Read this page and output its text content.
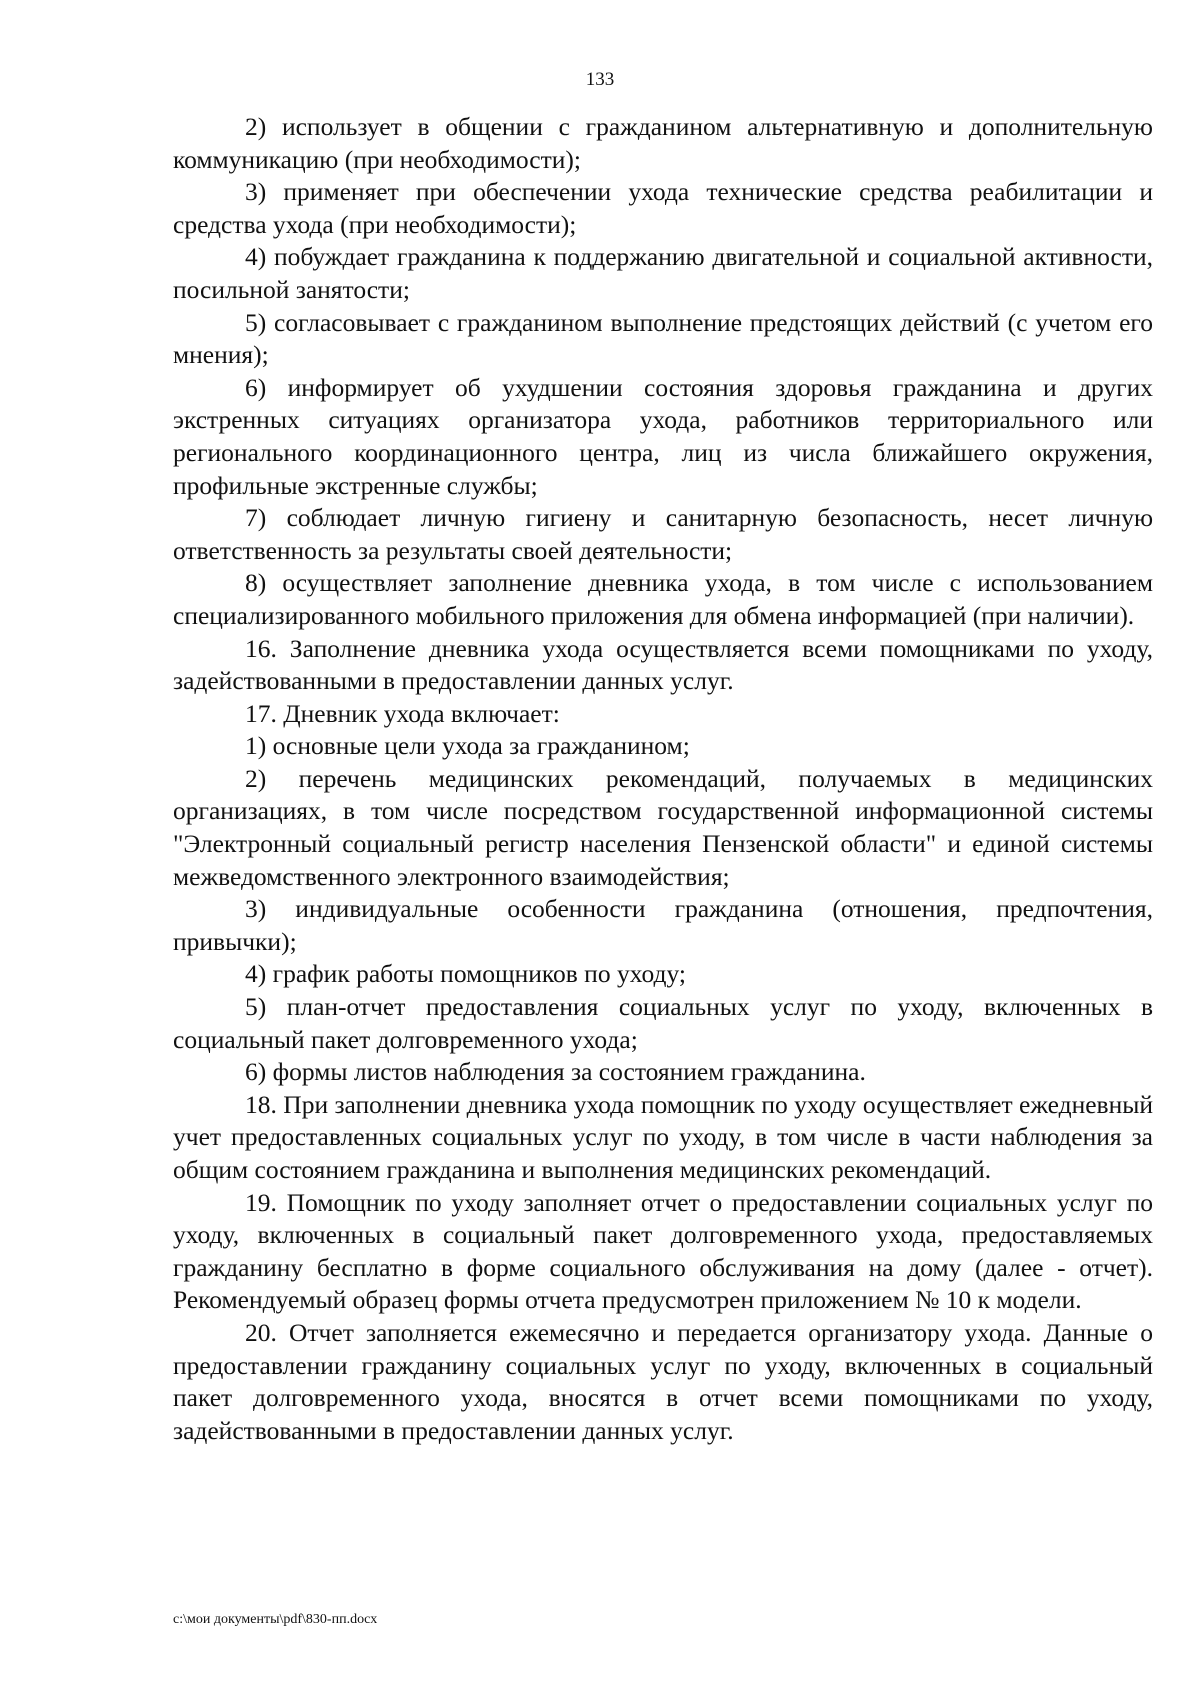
133

2) использует в общении с гражданином альтернативную и дополнительную коммуникацию (при необходимости);

3) применяет при обеспечении ухода технические средства реабилитации и средства ухода (при необходимости);

4) побуждает гражданина к поддержанию двигательной и социальной активности, посильной занятости;

5) согласовывает с гражданином выполнение предстоящих действий (с учетом его мнения);

6) информирует об ухудшении состояния здоровья гражданина и других экстренных ситуациях организатора ухода, работников территориального или регионального координационного центра, лиц из числа ближайшего окружения, профильные экстренные службы;

7) соблюдает личную гигиену и санитарную безопасность, несет личную ответственность за результаты своей деятельности;

8) осуществляет заполнение дневника ухода, в том числе с использованием специализированного мобильного приложения для обмена информацией (при наличии).

16. Заполнение дневника ухода осуществляется всеми помощниками по уходу, задействованными в предоставлении данных услуг.

17. Дневник ухода включает:

1) основные цели ухода за гражданином;

2) перечень медицинских рекомендаций, получаемых в медицинских организациях, в том числе посредством государственной информационной системы "Электронный социальный регистр населения Пензенской области" и единой системы межведомственного электронного взаимодействия;

3) индивидуальные особенности гражданина (отношения, предпочтения, привычки);

4) график работы помощников по уходу;

5) план-отчет предоставления социальных услуг по уходу, включенных в социальный пакет долговременного ухода;

6) формы листов наблюдения за состоянием гражданина.

18. При заполнении дневника ухода помощник по уходу осуществляет ежедневный учет предоставленных социальных услуг по уходу, в том числе в части наблюдения за общим состоянием гражданина и выполнения медицинских рекомендаций.

19. Помощник по уходу заполняет отчет о предоставлении социальных услуг по уходу, включенных в социальный пакет долговременного ухода, предоставляемых гражданину бесплатно в форме социального обслуживания на дому (далее - отчет). Рекомендуемый образец формы отчета предусмотрен приложением № 10 к модели.

20. Отчет заполняется ежемесячно и передается организатору ухода. Данные о предоставлении гражданину социальных услуг по уходу, включенных в социальный пакет долговременного ухода, вносятся в отчет всеми помощниками по уходу, задействованными в предоставлении данных услуг.

c:\мои документы\pdf\830-пп.docx
